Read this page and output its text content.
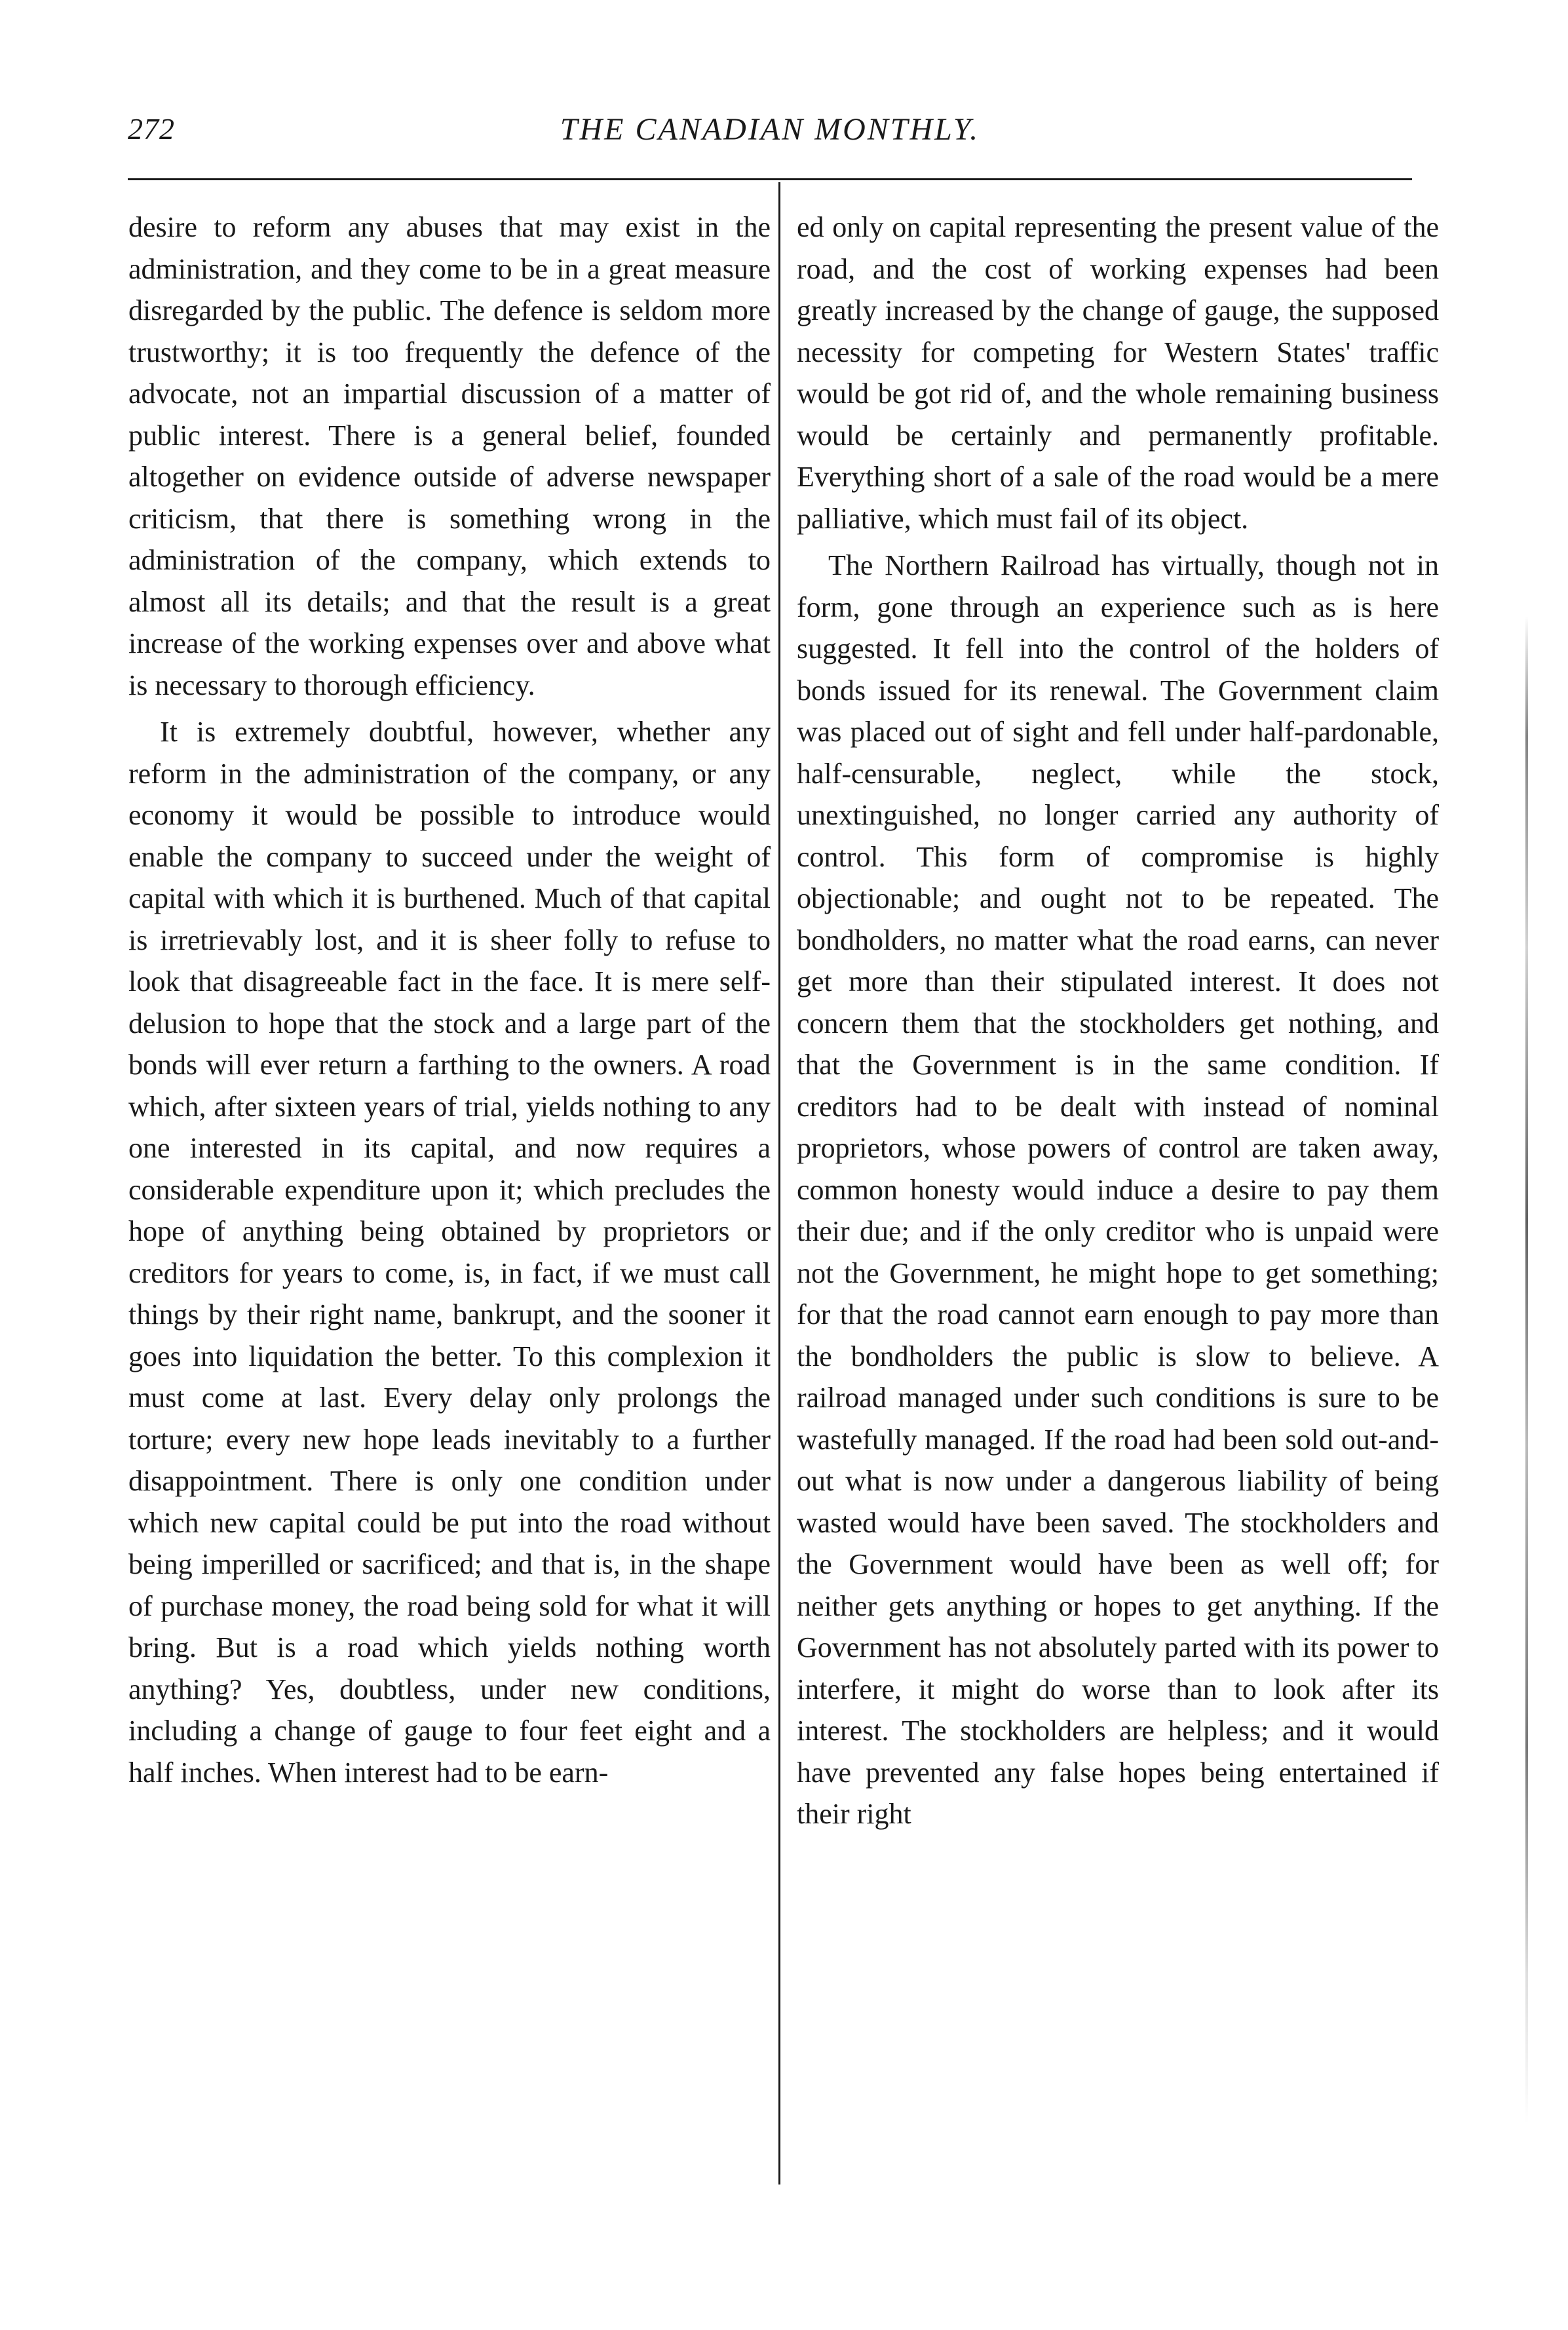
272	THE CANADIAN MONTHLY.

desire to reform any abuses that may exist in the administration, and they come to be in a great measure disregarded by the public. The defence is seldom more trustworthy; it is too frequently the defence of the advocate, not an impartial discussion of a matter of public interest. There is a general belief, founded altogether on evidence outside of adverse newspaper criticism, that there is something wrong in the administration of the company, which extends to almost all its details; and that the result is a great increase of the working expenses over and above what is necessary to thorough efficiency.

It is extremely doubtful, however, whether any reform in the administration of the company, or any economy it would be possible to introduce would enable the company to succeed under the weight of capital with which it is burthened. Much of that capital is irretrievably lost, and it is sheer folly to refuse to look that disagreeable fact in the face. It is mere self-delusion to hope that the stock and a large part of the bonds will ever return a farthing to the owners. A road which, after sixteen years of trial, yields nothing to any one interested in its capital, and now requires a considerable expenditure upon it; which precludes the hope of anything being obtained by proprietors or creditors for years to come, is, in fact, if we must call things by their right name, bankrupt, and the sooner it goes into liquidation the better. To this complexion it must come at last. Every delay only prolongs the torture; every new hope leads inevitably to a further disappointment. There is only one condition under which new capital could be put into the road without being imperilled or sacrificed; and that is, in the shape of purchase money, the road being sold for what it will bring. But is a road which yields nothing worth anything? Yes, doubtless, under new conditions, including a change of gauge to four feet eight and a half inches. When interest had to be earn-

ed only on capital representing the present value of the road, and the cost of working expenses had been greatly increased by the change of gauge, the supposed necessity for competing for Western States' traffic would be got rid of, and the whole remaining business would be certainly and permanently profitable. Everything short of a sale of the road would be a mere palliative, which must fail of its object.

The Northern Railroad has virtually, though not in form, gone through an experience such as is here suggested. It fell into the control of the holders of bonds issued for its renewal. The Government claim was placed out of sight and fell under half-pardonable, half-censurable, neglect, while the stock, unextinguished, no longer carried any authority of control. This form of compromise is highly objectionable; and ought not to be repeated. The bondholders, no matter what the road earns, can never get more than their stipulated interest. It does not concern them that the stockholders get nothing, and that the Government is in the same condition. If creditors had to be dealt with instead of nominal proprietors, whose powers of control are taken away, common honesty would induce a desire to pay them their due; and if the only creditor who is unpaid were not the Government, he might hope to get something; for that the road cannot earn enough to pay more than the bondholders the public is slow to believe. A railroad managed under such conditions is sure to be wastefully managed. If the road had been sold out-and-out what is now under a dangerous liability of being wasted would have been saved. The stockholders and the Government would have been as well off; for neither gets anything or hopes to get anything. If the Government has not absolutely parted with its power to interfere, it might do worse than to look after its interest. The stockholders are helpless; and it would have prevented any false hopes being entertained if their right
